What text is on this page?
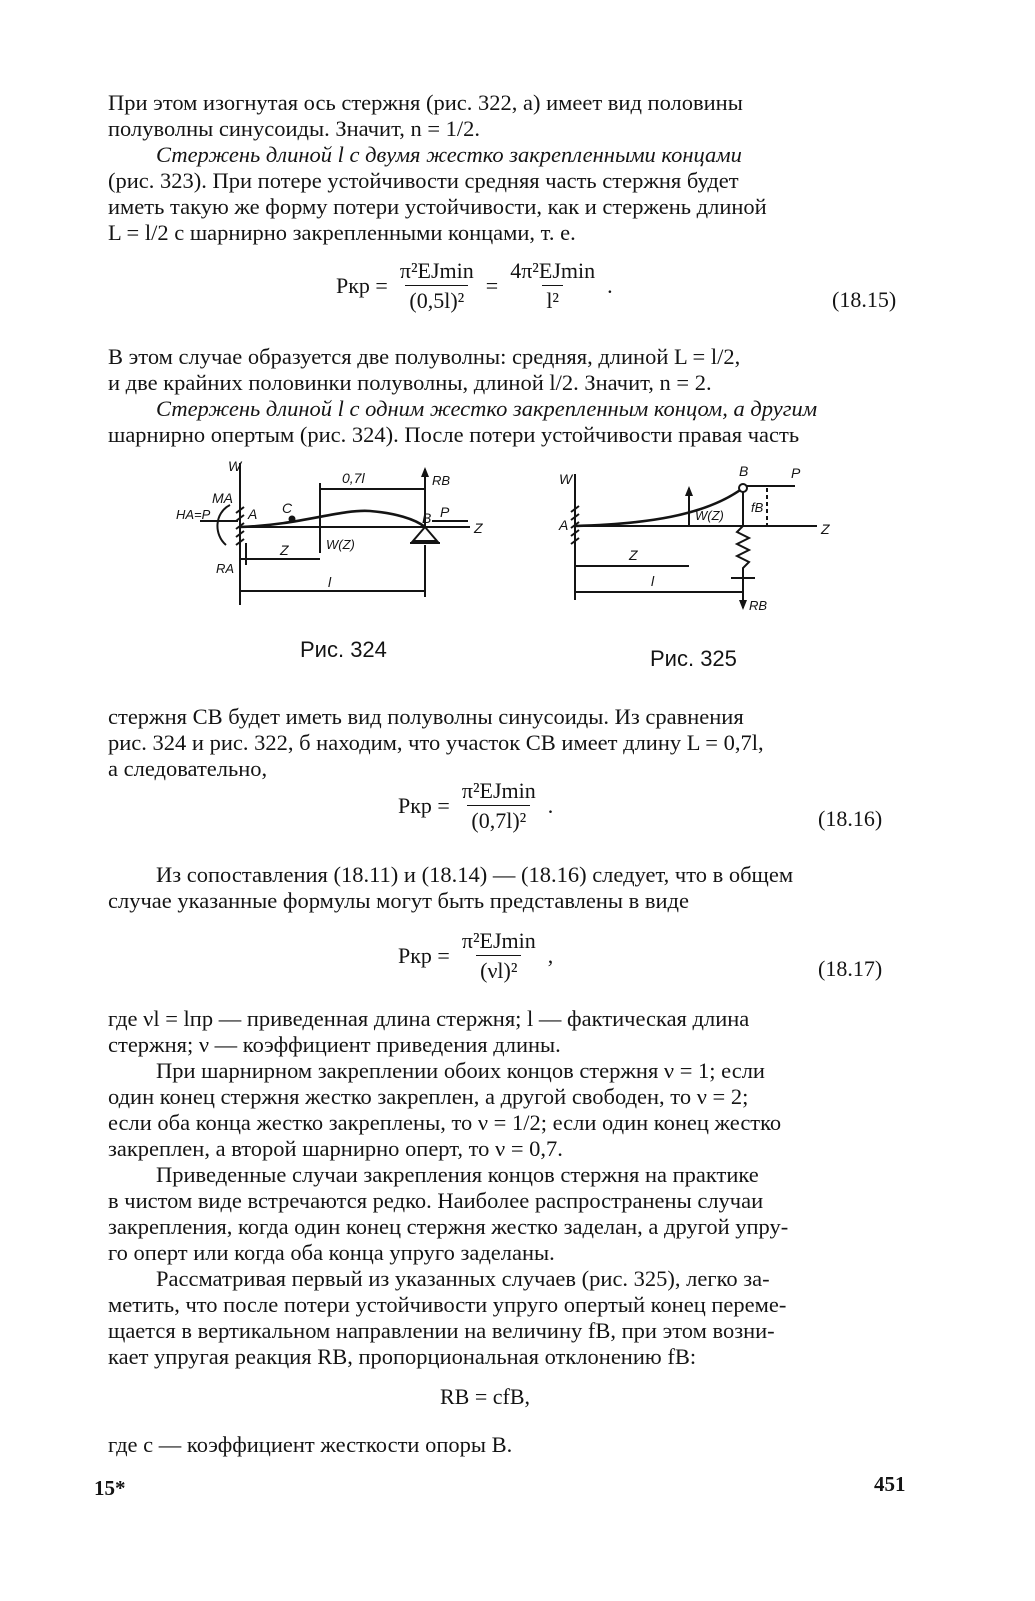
При этом изогнутая ось стержня (рис. 322, а) имеет вид половины
полуволны синусоиды. Значит, n = 1/2.
Стержень длиной l с двумя жестко закрепленными концами
(рис. 323). При потере устойчивости средняя часть стержня будет
иметь такую же форму потери устойчивости, как и стержень длиной
L = l/2 с шарнирно закрепленными концами, т. е.
Pкр = $\frac{\text{π²EJmin}}{\text{(0,5l)²}} = \frac{\text{4π²EJmin}}{\text{l²}}$ .
(18.15)
В этом случае образуется две полуволны: средняя, длиной L = l/2,
и две крайних половинки полуволны, длиной l/2. Значит, n = 2.
Стержень длиной l с одним жестко закрепленным концом, а другим
шарнирно опертым (рис. 324). После потери устойчивости правая часть
W
MA
HA=P	A C
0,7l	RB
B P
Z
W(Z)
Z
RA
l
Рис. 324
W
A
B	P
fB
W(Z)
Z
Z
l
RB
Рис. 325
стержня CB будет иметь вид полуволны синусоиды. Из сравнения
рис. 324 и рис. 322, б находим, что участок CB имеет длину L = 0,7l,
а следовательно,
Pкр = $\frac{\text{π²EJmin}}{\text{(0,7l)²}}$ .
(18.16)
Из сопоставления (18.11) и (18.14) — (18.16) следует, что в общем
случае указанные формулы могут быть представлены в виде
Pкр = $\frac{\text{π²EJmin}}{\text{(νl)²}}$ ,
(18.17)
где νl = lпр — приведенная длина стержня; l — фактическая длина
стержня; ν — коэффициент приведения длины.
При шарнирном закреплении обоих концов стержня ν = 1; если
один конец стержня жестко закреплен, а другой свободен, то ν = 2;
если оба конца жестко закреплены, то ν = 1/2; если один конец жестко
закреплен, а второй шарнирно оперт, то ν = 0,7.
Приведенные случаи закрепления концов стержня на практике
в чистом виде встречаются редко. Наиболее распространены случаи
закрепления, когда один конец стержня жестко заделан, а другой упру-
го оперт или когда оба конца упруго заделаны.
Рассматривая первый из указанных случаев (рис. 325), легко за-
метить, что после потери устойчивости упруго опертый конец переме-
щается в вертикальном направлении на величину fB, при этом возни-
кает упругая реакция RB, пропорциональная отклонению fB:
RB = cfB,
где c — коэффициент жесткости опоры B.
15*	451
